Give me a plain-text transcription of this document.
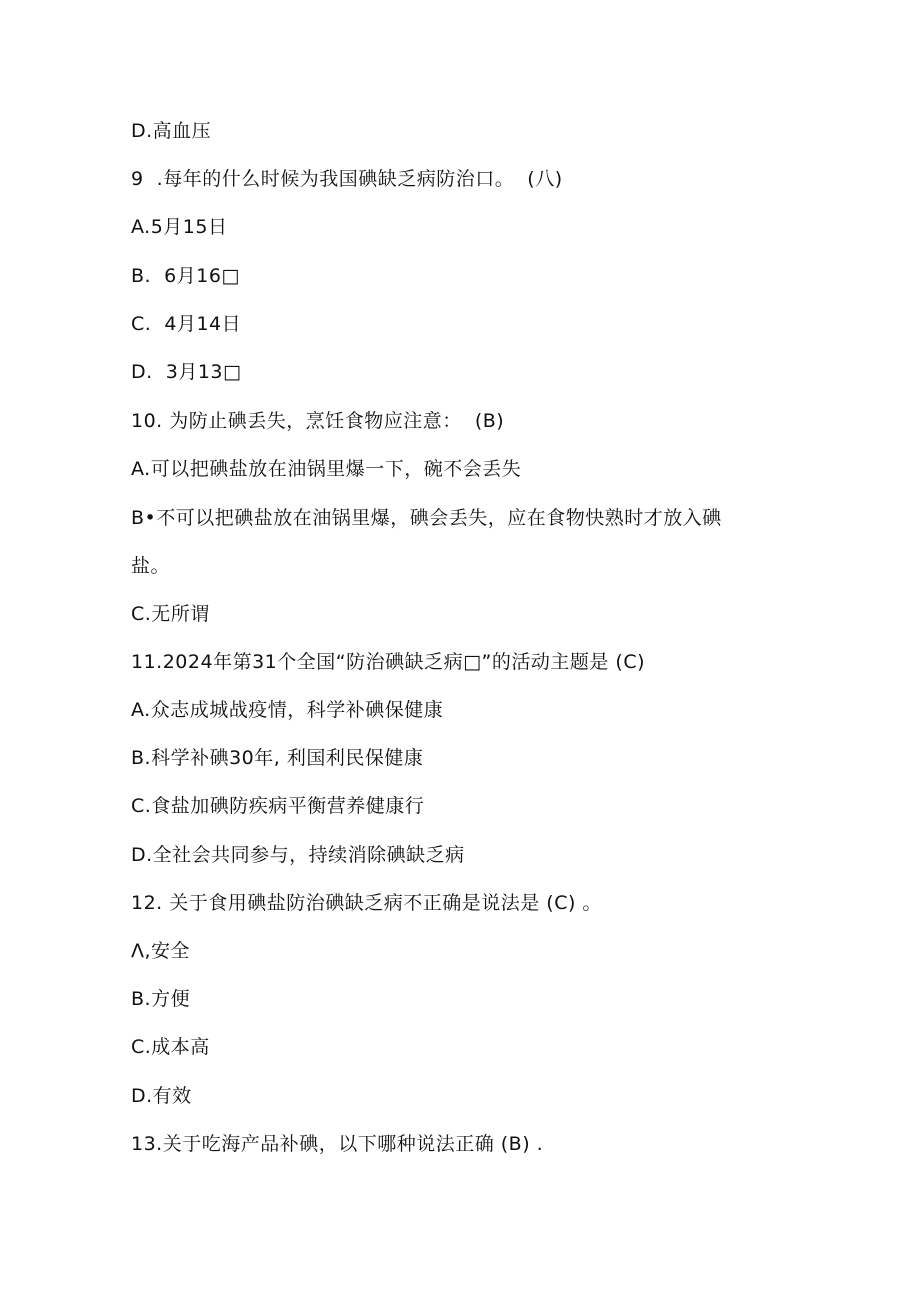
D.高血压
9  .每年的什么时候为我国碘缺乏病防治口。  (八)
A.5月15日
B.  6月16□
C.  4月14日
D.  3月13□
10. 为防止碘丢失，烹饪食物应注意：  (B)
A.可以把碘盐放在油锅里爆一下，碗不会丢失
B•不可以把碘盐放在油锅里爆，碘会丢失，应在食物快熟时才放入碘
盐。
C.无所谓
11.2024年第31个全国“防治碘缺乏病□”的活动主题是 (C)
A.众志成城战疫情，科学补碘保健康
B.科学补碘30年, 利国利民保健康
C.食盐加碘防疾病平衡营养健康行
D.全社会共同参与，持续消除碘缺乏病
12. 关于食用碘盐防治碘缺乏病不正确是说法是 (C) 。
Λ,安全
B.方便
C.成本高
D.有效
13.关于吃海产品补碘，以下哪种说法正确 (B) .
